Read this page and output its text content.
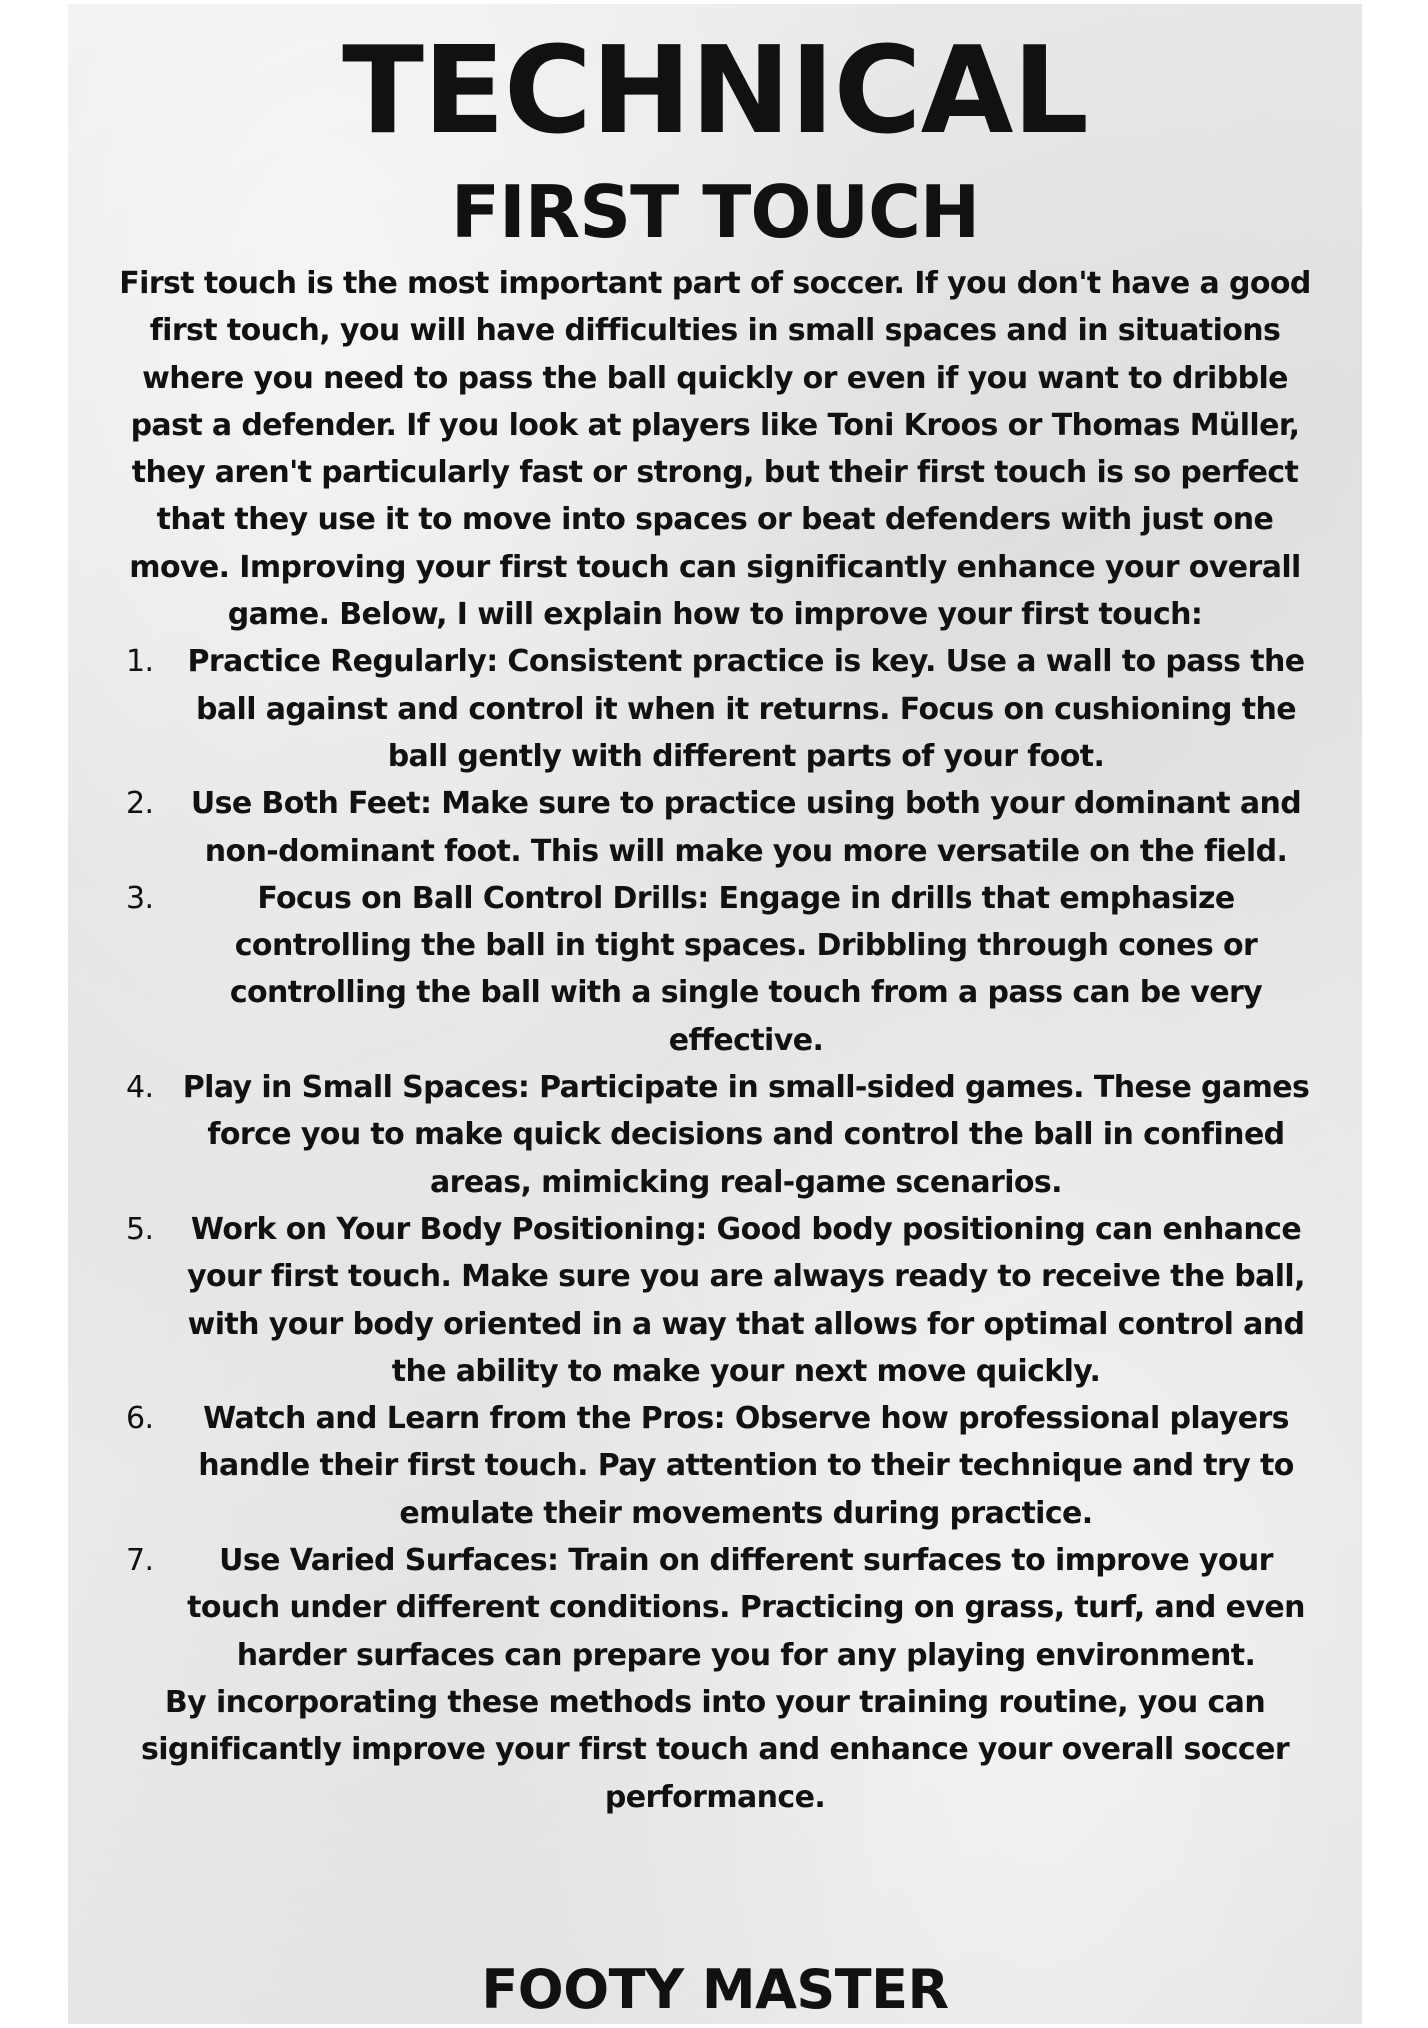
TECHNICAL
FIRST TOUCH

First touch is the most important part of soccer. If you don't have a good first touch, you will have difficulties in small spaces and in situations where you need to pass the ball quickly or even if you want to dribble past a defender. If you look at players like Toni Kroos or Thomas Müller, they aren't particularly fast or strong, but their first touch is so perfect that they use it to move into spaces or beat defenders with just one move. Improving your first touch can significantly enhance your overall game. Below, I will explain how to improve your first touch:

1. Practice Regularly: Consistent practice is key. Use a wall to pass the ball against and control it when it returns. Focus on cushioning the ball gently with different parts of your foot.
2. Use Both Feet: Make sure to practice using both your dominant and non-dominant foot. This will make you more versatile on the field.
3.	Focus on Ball Control Drills: Engage in drills that emphasize controlling the ball in tight spaces. Dribbling through cones or controlling the ball with a single touch from a pass can be very effective.
4. Play in Small Spaces: Participate in small-sided games. These games force you to make quick decisions and control the ball in confined areas, mimicking real-game scenarios.
5. Work on Your Body Positioning: Good body positioning can enhance your first touch. Make sure you are always ready to receive the ball, with your body oriented in a way that allows for optimal control and the ability to make your next move quickly.
6. Watch and Learn from the Pros: Observe how professional players handle their first touch. Pay attention to their technique and try to emulate their movements during practice.
7. Use Varied Surfaces: Train on different surfaces to improve your touch under different conditions. Practicing on grass, turf, and even harder surfaces can prepare you for any playing environment.

By incorporating these methods into your training routine, you can significantly improve your first touch and enhance your overall soccer performance.

FOOTY MASTER
